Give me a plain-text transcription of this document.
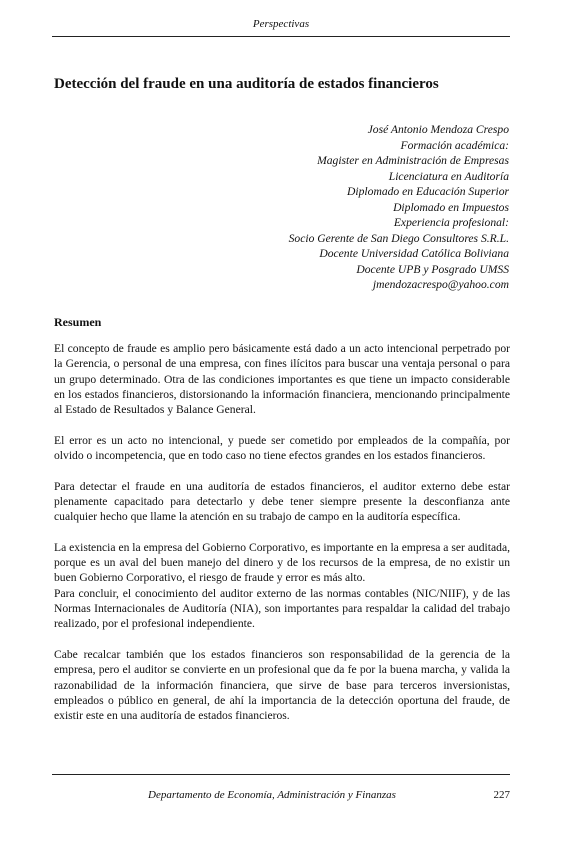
Perspectivas
Detección del fraude en una auditoría de estados financieros
José Antonio Mendoza Crespo
Formación académica:
Magister en Administración de Empresas
Licenciatura en Auditoría
Diplomado en Educación Superior
Diplomado en Impuestos
Experiencia profesional:
Socio Gerente de San Diego Consultores S.R.L.
Docente Universidad Católica Boliviana
Docente UPB y Posgrado UMSS
jmendozacrespo@yahoo.com
Resumen

El concepto de fraude es amplio pero básicamente está dado a un acto intencional perpetrado por la Gerencia, o personal de una empresa, con fines ilícitos para buscar una ventaja personal o para un grupo determinado. Otra de las condiciones importantes es que tiene un impacto considerable en los estados financieros, distorsionando la información financiera, mencionando principalmente al Estado de Resultados y Balance General.

El error es un acto no intencional, y puede ser cometido por empleados de la compañía, por olvido o incompetencia, que en todo caso no tiene efectos grandes en los estados financieros.

Para detectar el fraude en una auditoría de estados financieros, el auditor externo debe estar plenamente capacitado para detectarlo y debe tener siempre presente la desconfianza ante cualquier hecho que llame la atención en su trabajo de campo en la auditoría específica.

La existencia en la empresa del Gobierno Corporativo, es importante en la empresa a ser auditada, porque es un aval del buen manejo del dinero y de los recursos de la empresa, de no existir un buen Gobierno Corporativo, el riesgo de fraude y error es más alto.

Para concluir, el conocimiento del auditor externo de las normas contables (NIC/NIIF), y de las Normas Internacionales de Auditoría (NIA), son importantes para respaldar la calidad del trabajo realizado, por el profesional independiente.

Cabe recalcar también que los estados financieros son responsabilidad de la gerencia de la empresa, pero el auditor se convierte en un profesional que da fe por la buena marcha, y valida la razonabilidad de la información financiera, que sirve de base para terceros inversionistas, empleados o público en general, de ahí la importancia de la detección oportuna del fraude, de existir este en una auditoría de estados financieros.

Departamento de Economía, Administración y Finanzas	227
